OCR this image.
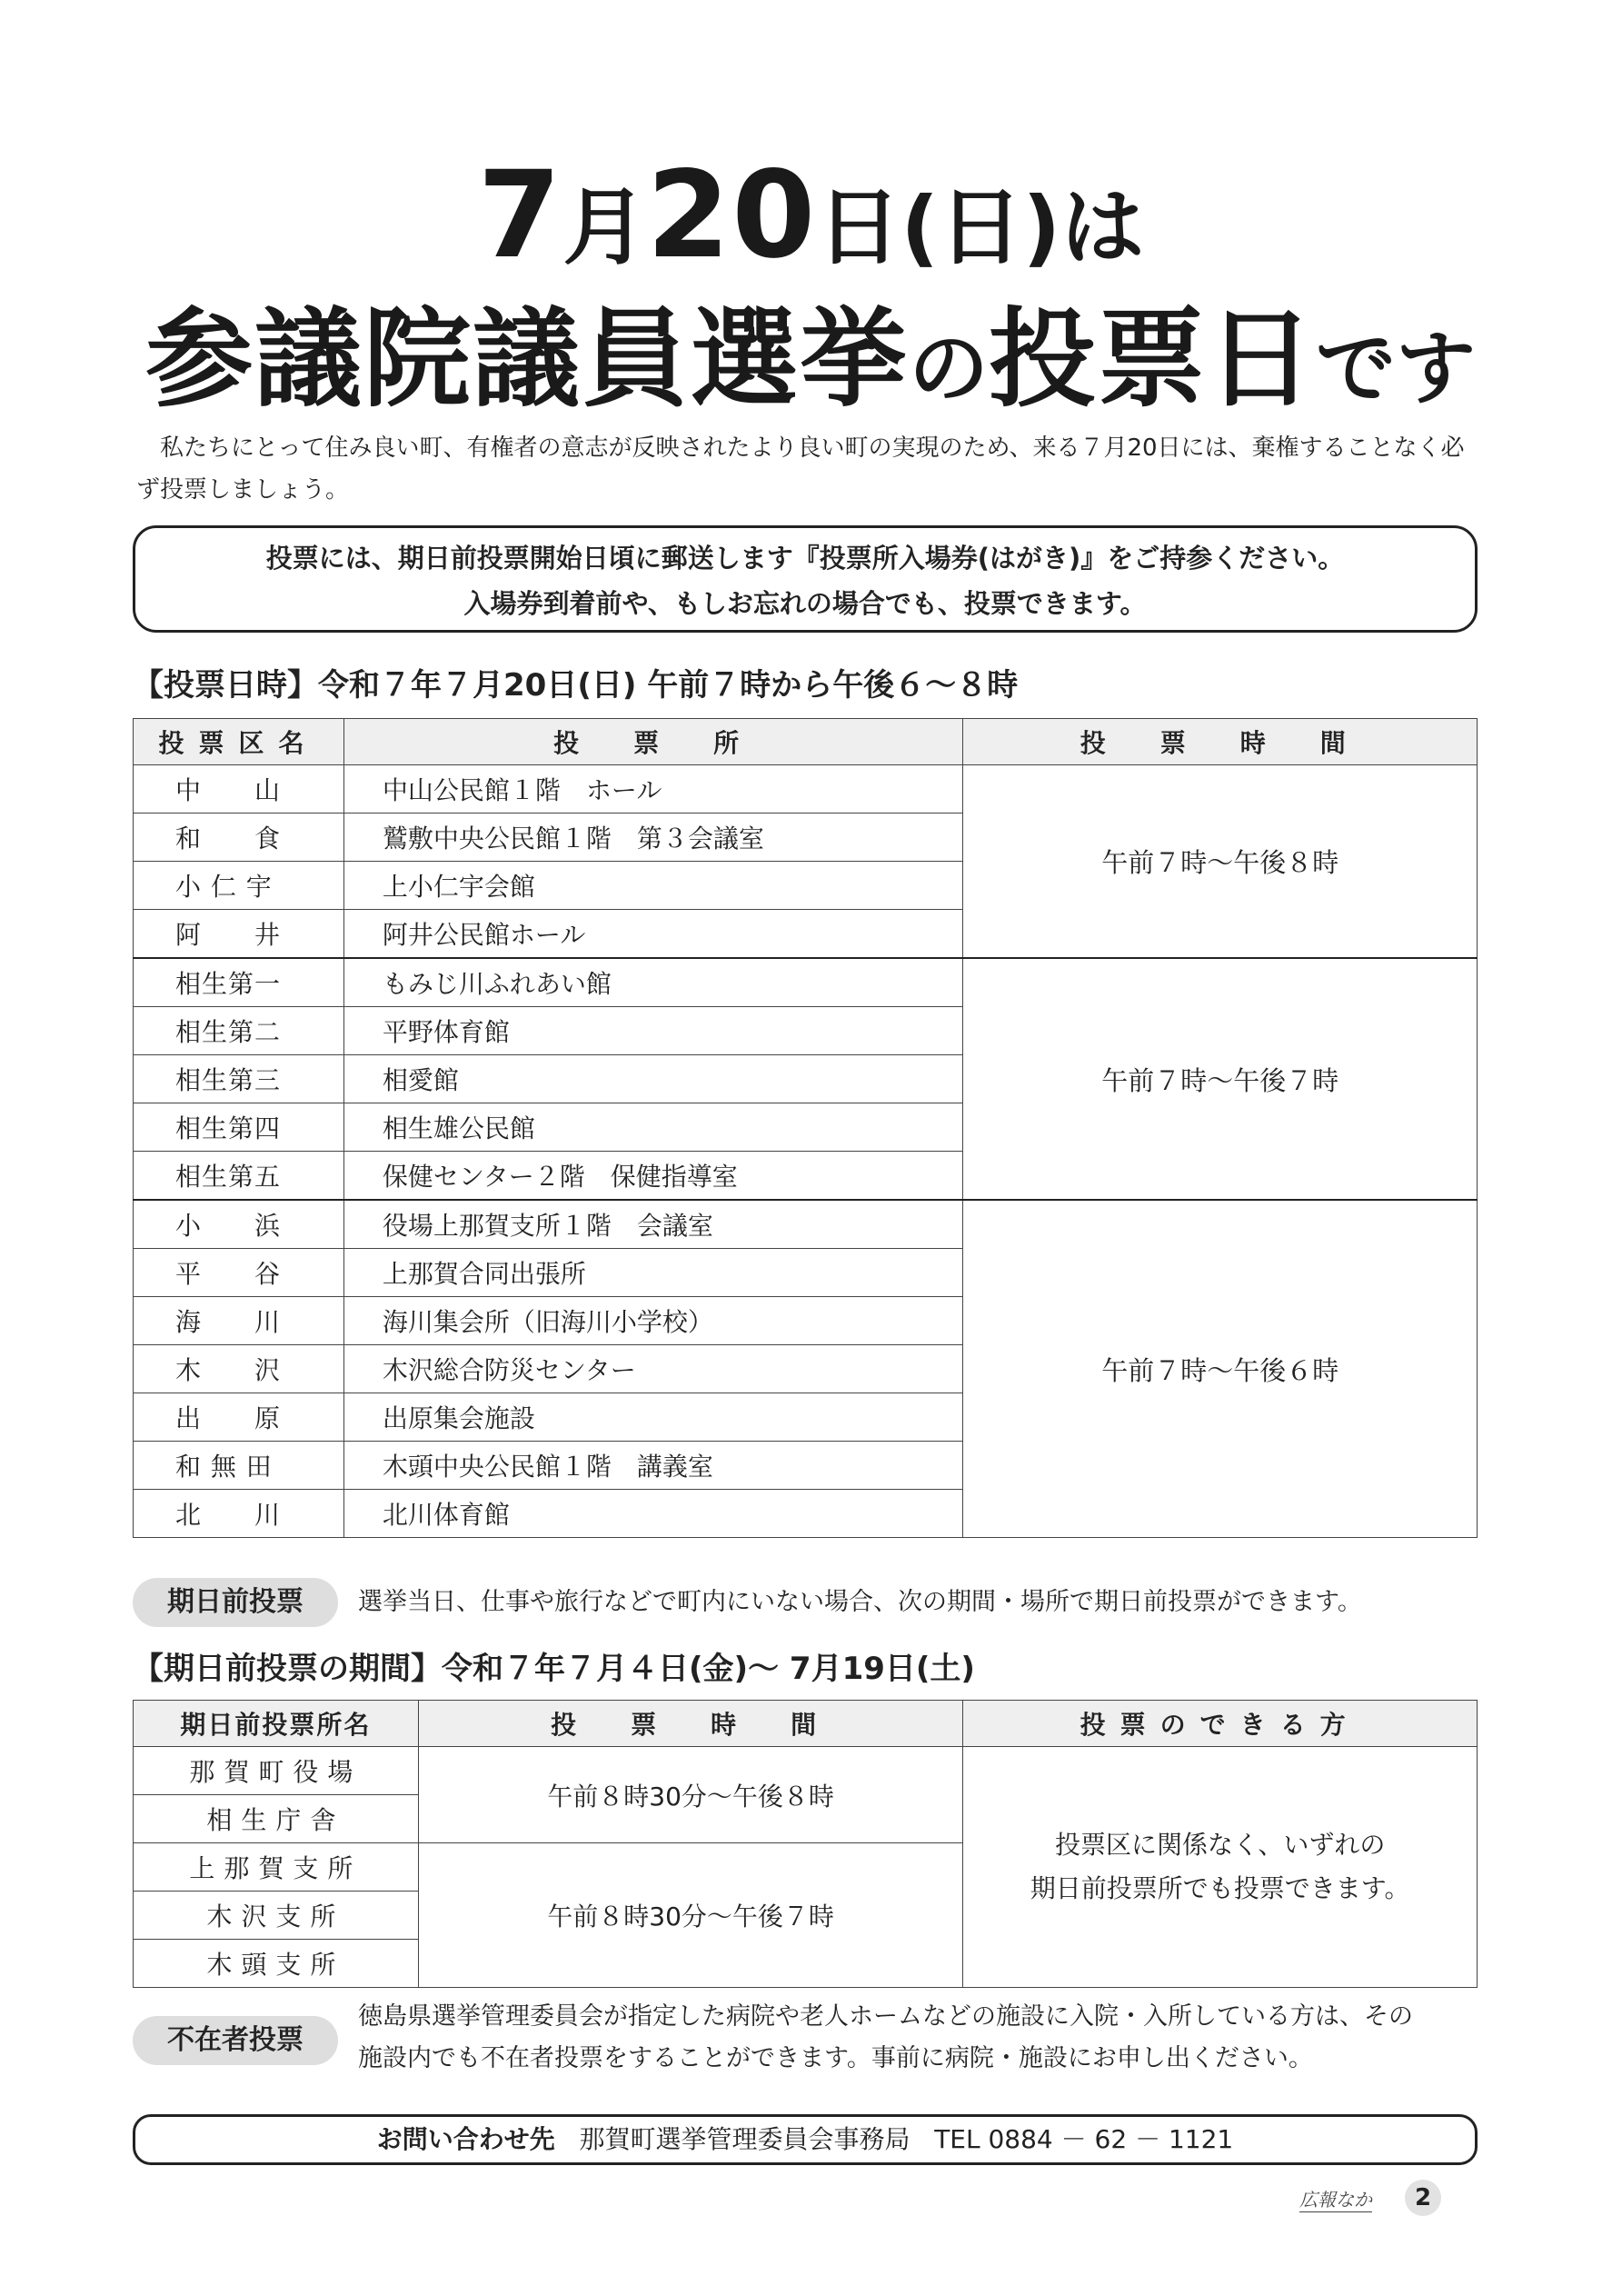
7月20日(日)は
参議院議員選挙の投票日です

私たちにとって住み良い町、有権者の意志が反映されたより良い町の実現のため、来る７月20日には、棄権することなく必ず投票しましょう。

投票には、期日前投票開始日頃に郵送します『投票所入場券(はがき)』をご持参ください。
入場券到着前や、もしお忘れの場合でも、投票できます。
【投票日時】令和７年７月20日(日) 午前７時から午後６～８時
投票区名	投　票　所	投　票　時　間
中　　山	中山公民館１階　ホール	午前７時～午後８時
和　　食	鷲敷中央公民館１階　第３会議室	
小 仁 宇	上小仁宇会館	
阿　　井	阿井公民館ホール	
相生第一	もみじ川ふれあい館	午前７時～午後７時
相生第二	平野体育館	
相生第三	相愛館	
相生第四	相生雄公民館	
相生第五	保健センター２階　保健指導室	
小　　浜	役場上那賀支所１階　会議室	午前７時～午後６時
平　　谷	上那賀合同出張所	
海　　川	海川集会所（旧海川小学校）	
木　　沢	木沢総合防災センター	
出　　原	出原集会施設	
和 無 田	木頭中央公民館１階　講義室	
北　　川	北川体育館	
期日前投票	選挙当日、仕事や旅行などで町内にいない場合、次の期間・場所で期日前投票ができます。
【期日前投票の期間】令和７年７月４日(金)～ 7月19日(土)
期日前投票所名	投　票　時　間	投票のできる方
那賀町役場	午前８時30分～午後８時	投票区に関係なく、いずれの
期日前投票所でも投票できます。

相生庁舎		
上那賀支所	午前８時30分～午後７時	
木沢支所		
木頭支所		
不在者投票
徳島県選挙管理委員会が指定した病院や老人ホームなどの施設に入院・入所している方は、その
施設内でも不在者投票をすることができます。事前に病院・施設にお申し出ください。
お問い合わせ先 那賀町選挙管理委員会事務局 TEL 0884 － 62 － 1121
広報なか	2
